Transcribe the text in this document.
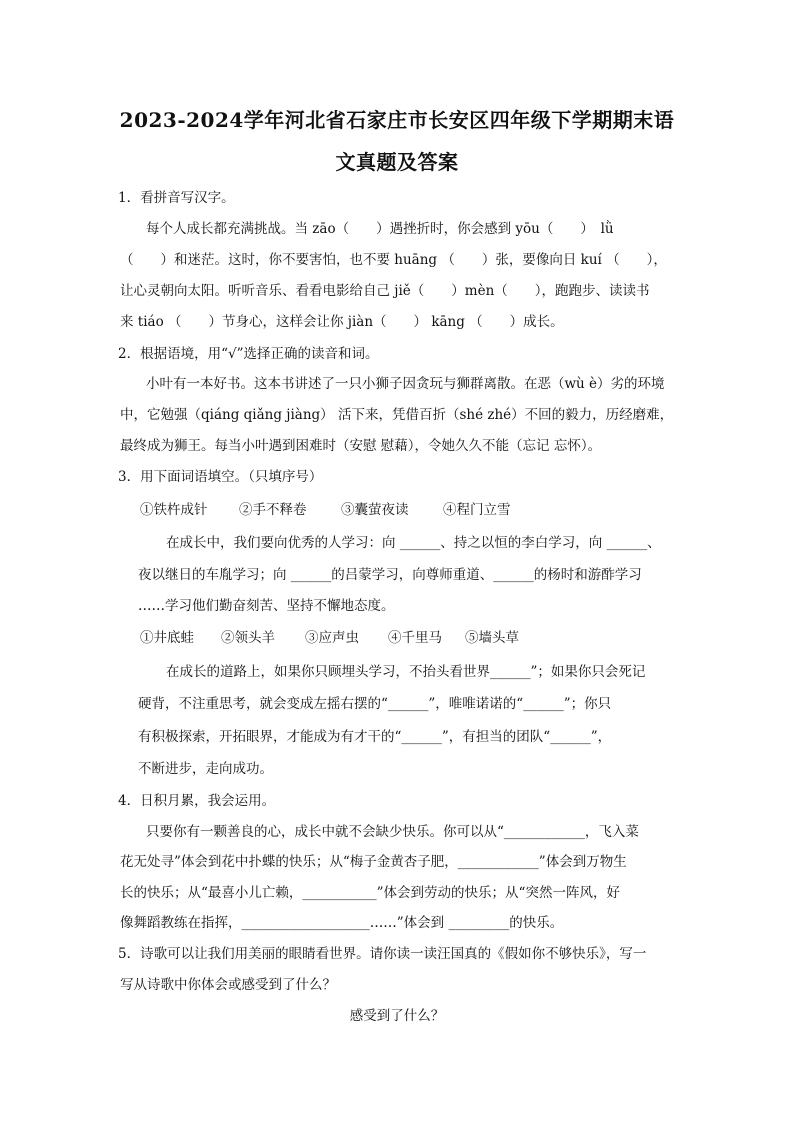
2023-2024学年河北省石家庄市长安区四年级下学期期末语
文真题及答案
1．看拼音写汉字。
每个人成长都充满挑战。当 zāo（　　）遇挫折时，你会感到 yōu（　　）　lǜ
（　　）和迷茫。这时，你不要害怕，也不要 huāng （　　）张，要像向日 kuí （　　），
让心灵朝向太阳。听听音乐、看看电影给自己 jiě（　　）mèn（　　），跑跑步、读读书
来 tiáo （　　）节身心，这样会让你 jiàn（　　） kāng （　　）成长。
2．根据语境，用“√”选择正确的读音和词。
小叶有一本好书。这本书讲述了一只小狮子因贪玩与狮群离散。在恶（wù è）劣的环境
中，它勉强（qiáng qiǎng jiàng） 活下来，凭借百折（shé zhé）不回的毅力，历经磨难，
最终成为狮王。每当小叶遇到困难时（安慰 慰藉），令她久久不能（忘记 忘怀）。
3．用下面词语填空。（只填序号）
①铁杵成针 ②手不释卷	③囊萤夜读	④程门立雪
在成长中，我们要向优秀的人学习：向 ______、持之以恒的李白学习，向 ______、
夜以继日的车胤学习；向 ______的吕蒙学习，向尊师重道、______的杨时和游酢学习
……学习他们勤奋刻苦、坚持不懈地态度。
①井底蛙 ②领头羊 ③应声虫 ④千里马 ⑤墙头草
在成长的道路上，如果你只顾埋头学习，不抬头看世界______”；如果你只会死记
硬背，不注重思考，就会变成左摇右摆的“______”，唯唯诺诺的“______”；你只
有积极探索，开拓眼界，才能成为有才干的“______”，有担当的团队“______”，
不断进步，走向成功。
4．日积月累，我会运用。
只要你有一颗善良的心，成长中就不会缺少快乐。你可以从“____________，飞入菜
花无处寻”体会到花中扑蝶的快乐；从“梅子金黄杏子肥，____________”体会到万物生
长的快乐；从“最喜小儿亡赖，___________”体会到劳动的快乐；从“突然一阵风，好
像舞蹈教练在指挥，___________________……”体会到 _________的快乐。
5．诗歌可以让我们用美丽的眼睛看世界。请你读一读汪国真的《假如你不够快乐》，写一
写从诗歌中你体会或感受到了什么？
感受到了什么？
